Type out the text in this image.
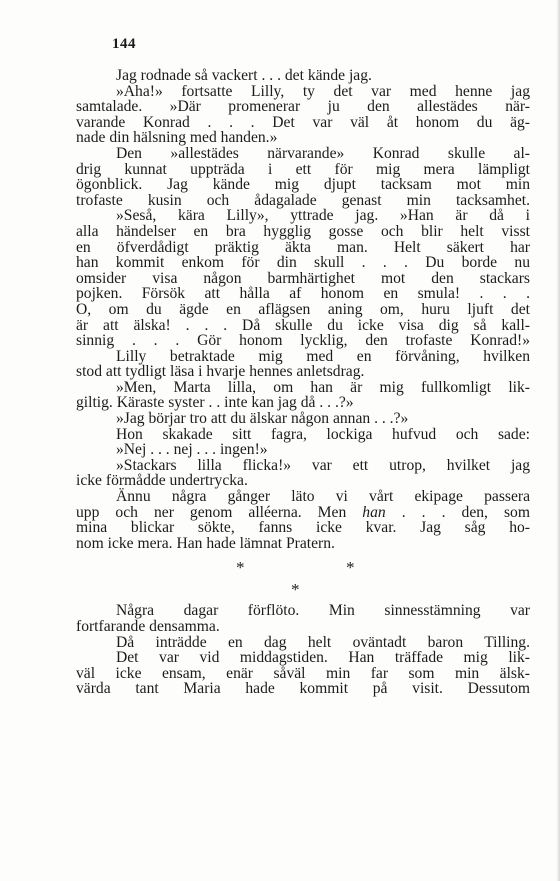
144
Jag rodnade så vackert . . . det kände jag.
»Aha!» fortsatte Lilly, ty det var med henne jag
samtalade. »Där promenerar ju den allestädes när-
varande Konrad . . . Det var väl åt honom du äg-
nade din hälsning med handen.»
Den »allestädes närvarande» Konrad skulle al-
drig kunnat uppträda i ett för mig mera lämpligt
ögonblick. Jag kände mig djupt tacksam mot min
trofaste kusin och ådagalade genast min tacksamhet.
»Seså, kära Lilly», yttrade jag. »Han är då i
alla händelser en bra hygglig gosse och blir helt visst
en öfverdådigt präktig äkta man. Helt säkert har
han kommit enkom för din skull . . . Du borde nu
omsider visa någon barmhärtighet mot den stackars
pojken. Försök att hålla af honom en smula! . . .
O, om du ägde en aflägsen aning om, huru ljuft det
är att älska! . . . Då skulle du icke visa dig så kall-
sinnig . . . Gör honom lycklig, den trofaste Konrad!»
Lilly betraktade mig med en förvåning, hvilken
stod att tydligt läsa i hvarje hennes anletsdrag.
»Men, Marta lilla, om han är mig fullkomligt lik-
giltig. Käraste syster . . inte kan jag då . . .?»
»Jag börjar tro att du älskar någon annan . . .?»
Hon skakade sitt fagra, lockiga hufvud och sade:
»Nej . . . nej . . . ingen!»
»Stackars lilla flicka!» var ett utrop, hvilket jag
icke förmådde undertrycka.
Ännu några gånger läto vi vårt ekipage passera
upp och ner genom alléerna. Men han . . . den, som
mina blickar sökte, fanns icke kvar. Jag såg ho-
nom icke mera. Han hade lämnat Pratern.
*	*
*
Några dagar förflöto. Min sinnesstämning var
fortfarande densamma.
Då inträdde en dag helt oväntadt baron Tilling.
Det var vid middagstiden. Han träffade mig lik-
väl icke ensam, enär såväl min far som min älsk-
värda tant Maria hade kommit på visit. Dessutom
